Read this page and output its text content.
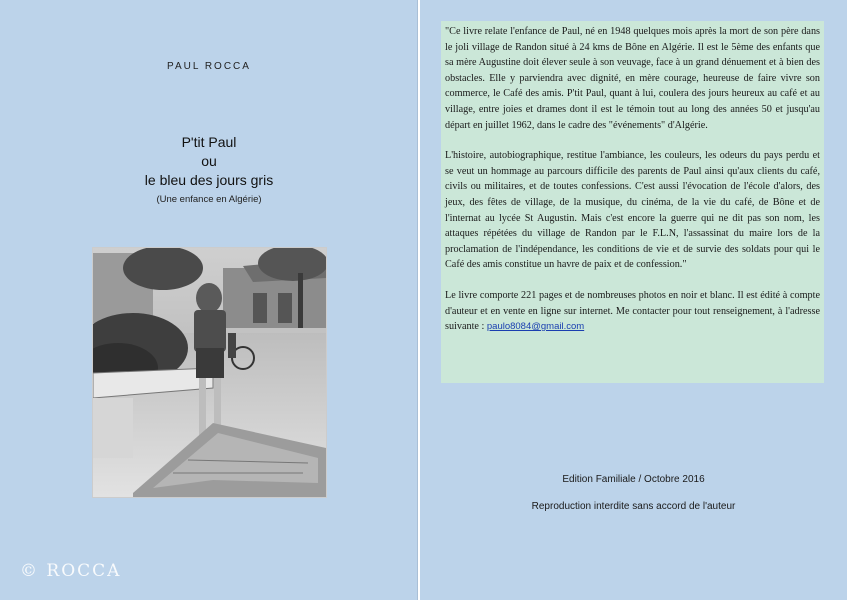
PAUL ROCCA
P'tit Paul
ou
le bleu des jours gris
(Une enfance en Algérie)
© ROCCA

"Ce livre relate l'enfance de Paul, né en 1948 quelques mois après la mort de son père dans le joli village de Randon situé à 24 kms de Bône en Algérie. Il est le 5ème des enfants que sa mère Augustine doit élever seule à son veuvage, face à un grand dénuement et à bien des obstacles. Elle y parviendra avec dignité, en mère courage, heureuse de faire vivre son commerce, le Café des amis. P'tit Paul, quant à lui, coulera des jours heureux au café et au village, entre joies et drames dont il est le témoin tout au long des années 50 et jusqu'au départ en juillet 1962, dans le cadre des "événements" d'Algérie.

L'histoire, autobiographique, restitue l'ambiance, les couleurs, les odeurs du pays perdu et se veut un hommage au parcours difficile des parents de Paul ainsi qu'aux clients du café, civils ou militaires, et de toutes confessions. C'est aussi l'évocation de l'école d'alors, des jeux, des fêtes de village, de la musique, du cinéma, de la vie du café, de Bône et de l'internat au lycée St Augustin. Mais c'est encore la guerre qui ne dit pas son nom, les attaques répétées du village de Randon par le F.L.N, l'assassinat du maire lors de la proclamation de l'indépendance, les conditions de vie et de survie des soldats pour qui le Café des amis constitue un havre de paix et de confession."

Le livre comporte 221 pages et de nombreuses photos en noir et blanc. Il est édité à compte d'auteur et en vente en ligne sur internet. Me contacter pour tout renseignement, à l'adresse suivante : paulo8084@gmail.com

Edition Familiale / Octobre 2016
Reproduction interdite sans accord de l'auteur
